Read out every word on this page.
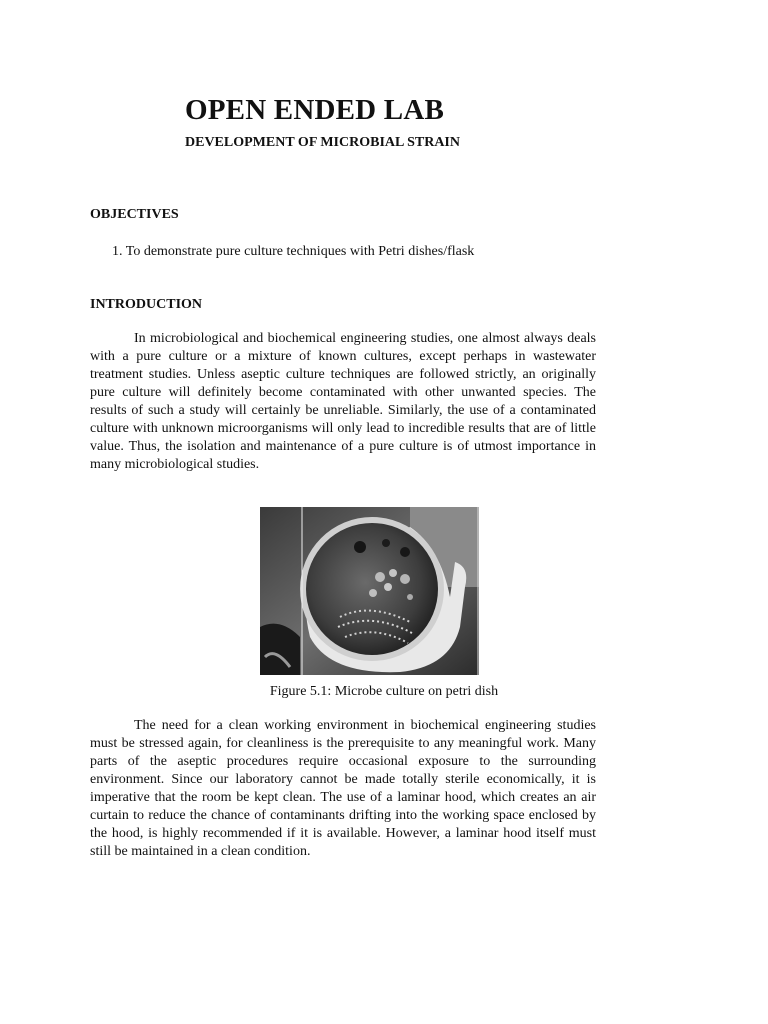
OPEN ENDED LAB
DEVELOPMENT OF MICROBIAL STRAIN
OBJECTIVES
1. To demonstrate pure culture techniques with Petri dishes/flask
INTRODUCTION

In microbiological and biochemical engineering studies, one almost always deals with a pure culture or a mixture of known cultures, except perhaps in wastewater treatment studies. Unless aseptic culture techniques are followed strictly, an originally pure culture will definitely become contaminated with other unwanted species. The results of such a study will certainly be unreliable. Similarly, the use of a contaminated culture with unknown microorganisms will only lead to incredible results that are of little value. Thus, the isolation and maintenance of a pure culture is of utmost importance in many microbiological studies.

Figure 5.1: Microbe culture on petri dish

The need for a clean working environment in biochemical engineering studies must be stressed again, for cleanliness is the prerequisite to any meaningful work. Many parts of the aseptic procedures require occasional exposure to the surrounding environment. Since our laboratory cannot be made totally sterile economically, it is imperative that the room be kept clean. The use of a laminar hood, which creates an air curtain to reduce the chance of contaminants drifting into the working space enclosed by the hood, is highly recommended if it is available. However, a laminar hood itself must still be maintained in a clean condition.
